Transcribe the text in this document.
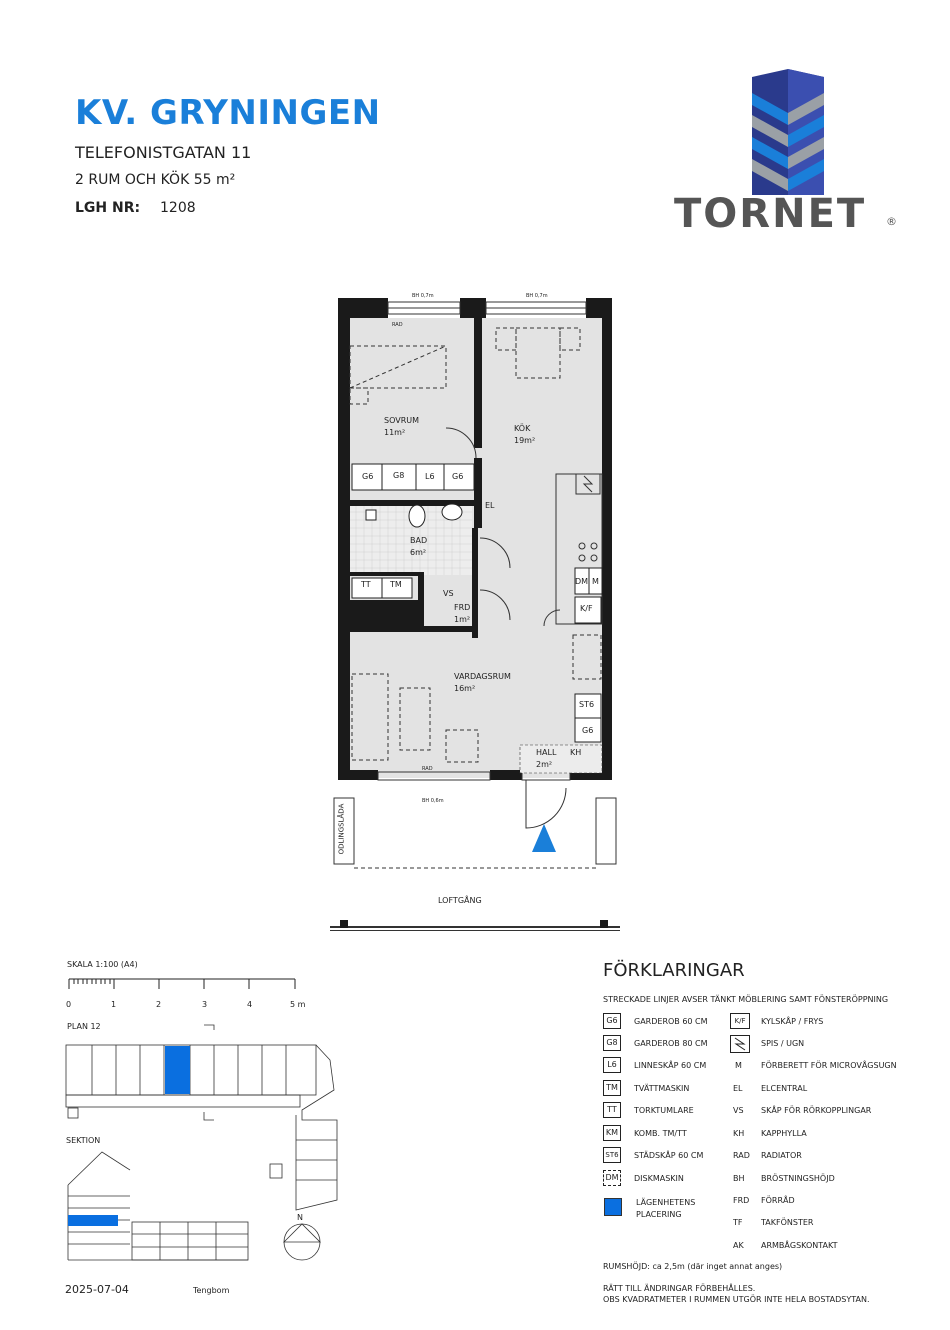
KV. GRYNINGEN
TELEFONISTGATAN 11
2 RUM OCH KÖK 55 m²
LGH NR: 1208	TORNET ®
BH 0,7m	BH 0,7m
RAD
BH 0,6m
RAD
SOVRUM
11m²	KÖK
19m²
BAD
6m²
FRD
1m²
VARDAGSRUM
16m²
HALL
2m²
G6 G8	L6 G6
EL
VS
KH
TT TM	DM M
K/F
ST6
G6
ODLINGSLÅDA
LOFTGÅNG
SKALA 1:100 (A4)
0	1	2	3	4	5 m
PLAN 12
SEKTION
N
2025-07-04	Tengbom
FÖRKLARINGAR
STRECKADE LINJER AVSER TÄNKT MÖBLERING SAMT FÖNSTERÖPPNING
G6	GARDEROB 60 CM
G8	GARDEROB 80 CM
L6	LINNESKÅP 60 CM
TM	TVÄTTMASKIN
TT	TORKTUMLARE
KM	KOMB. TM/TT
ST6	STÄDSKÅP 60 CM
DM	DISKMASKIN
LÄGENHETENS
PLACERING
K/F	KYLSKÅP / FRYS
SPIS / UGN
M FÖRBERETT FÖR MICROVÅGSUGN
EL ELCENTRAL
VS SKÅP FÖR RÖRKOPPLINGAR
KH KAPPHYLLA
RAD RADIATOR
BH BRÖSTNINGSHÖJD
FRD FÖRRÅD
TF TAKFÖNSTER
AK ARMBÅGSKONTAKT
RUMSHÖJD: ca 2,5m (där inget annat anges)
RÄTT TILL ÄNDRINGAR FÖRBEHÅLLES.
OBS KVADRATMETER I RUMMEN UTGÖR INTE HELA BOSTADSYTAN.
